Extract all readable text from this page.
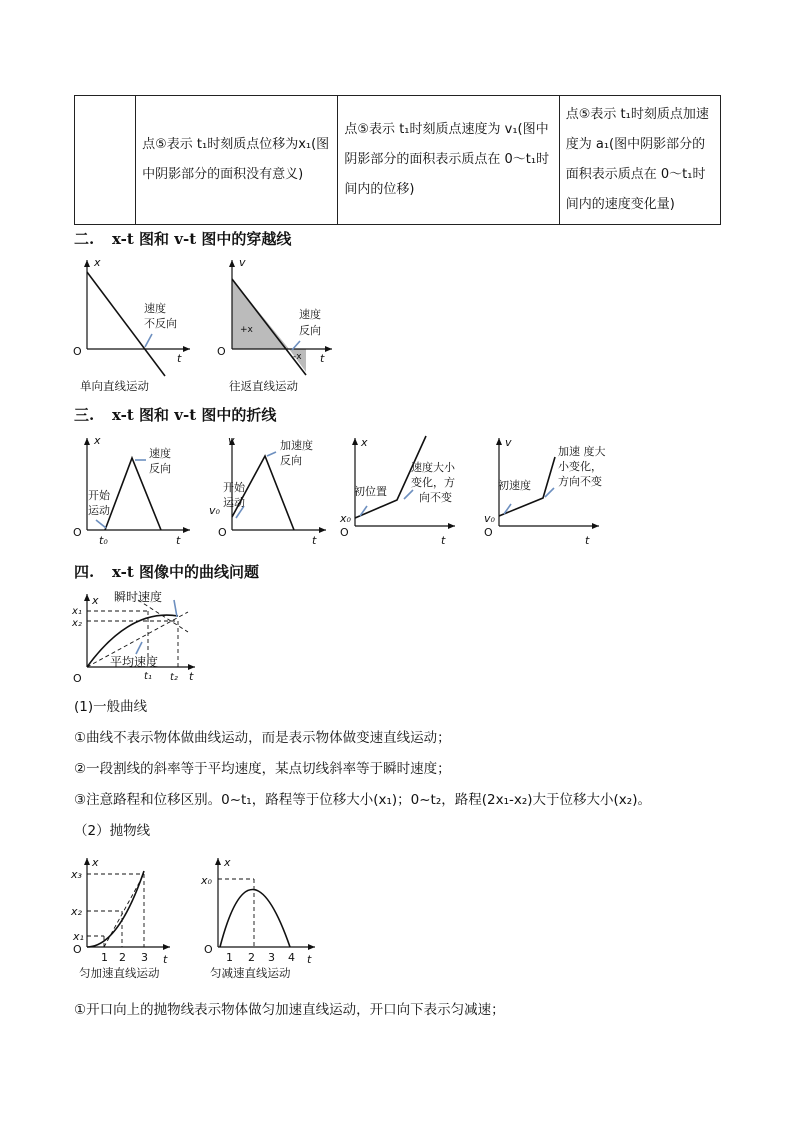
	点⑤表示 t₁时刻质点位移为x₁(图中阴影部分的面积没有意义)	点⑤表示 t₁时刻质点速度为 v₁(图中阴影部分的面积表示质点在 0～t₁时间内的位移)	点⑤表示 t₁时刻质点加速度为 a₁(图中阴影部分的面积表示质点在 0～t₁时间内的速度变化量)
二. x-t 图和 v-t 图中的穿越线
x
t
O
速度
不反向
单向直线运动
v
t
O
+x
-x
速度
反向
往返直线运动
三. x-t 图和 v-t 图中的折线
x
t
O
t₀
速度
反向
开始
运动
v
t
O
v₀
加速度
反向
开始
运动
x
t
O
x₀
初位置
速度大小
变化，方
向不变
v
t
O
v₀
初速度
加速 度大
小变化，
方向不变
四. x-t 图像中的曲线问题
x
t
O
x₁
x₂
t₁ t₂
瞬时速度
平均速度
(1)一般曲线
①曲线不表示物体做曲线运动，而是表示物体做变速直线运动；
②一段割线的斜率等于平均速度，某点切线斜率等于瞬时速度；
③注意路程和位移区别。0~t₁，路程等于位移大小(x₁)；0~t₂，路程(2x₁-x₂)大于位移大小(x₂)。
（2）抛物线
x
t
O
x₃
x₂
x₁
1 2 3
匀加速直线运动
x
t
O
x₀
1 2 3 4
匀减速直线运动
①开口向上的抛物线表示物体做匀加速直线运动，开口向下表示匀减速；
